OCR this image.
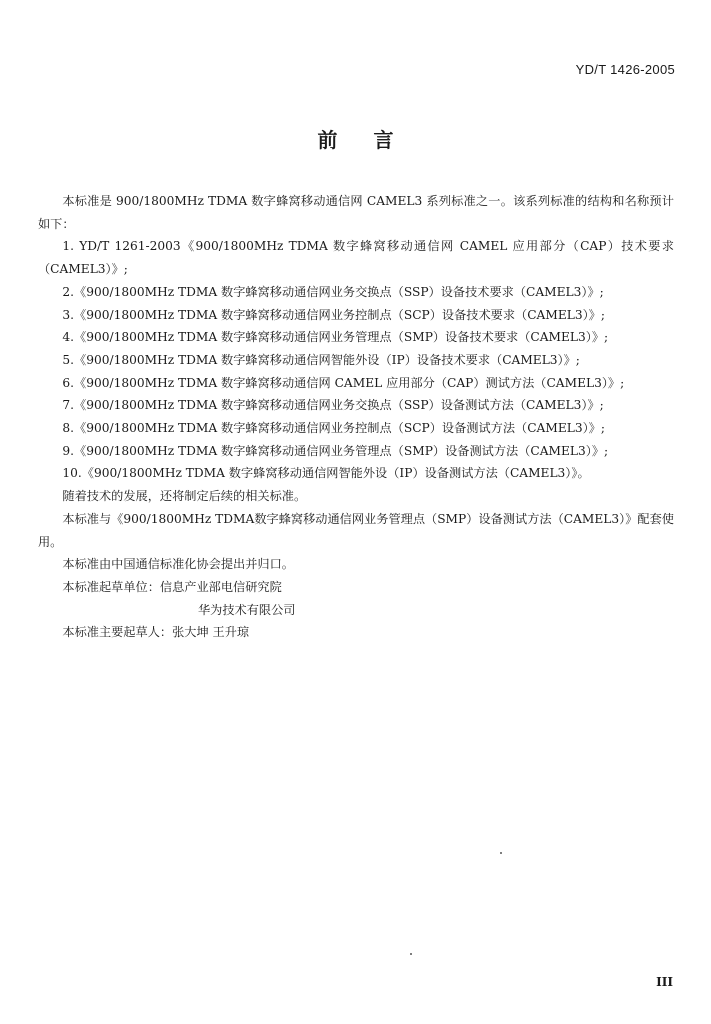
YD/T 1426-2005
前言

本标准是 900/1800MHz TDMA 数字蜂窝移动通信网 CAMEL3 系列标准之一。该系列标准的结构和名称预计如下：

1. YD/T 1261-2003《900/1800MHz TDMA 数字蜂窝移动通信网 CAMEL 应用部分（CAP）技术要求（CAMEL3）》;

2.《900/1800MHz TDMA 数字蜂窝移动通信网业务交换点（SSP）设备技术要求（CAMEL3）》;

3.《900/1800MHz TDMA 数字蜂窝移动通信网业务控制点（SCP）设备技术要求（CAMEL3）》;

4.《900/1800MHz TDMA 数字蜂窝移动通信网业务管理点（SMP）设备技术要求（CAMEL3）》;

5.《900/1800MHz TDMA 数字蜂窝移动通信网智能外设（IP）设备技术要求（CAMEL3）》;

6.《900/1800MHz TDMA 数字蜂窝移动通信网 CAMEL 应用部分（CAP）测试方法（CAMEL3）》;

7.《900/1800MHz TDMA 数字蜂窝移动通信网业务交换点（SSP）设备测试方法（CAMEL3）》;

8.《900/1800MHz TDMA 数字蜂窝移动通信网业务控制点（SCP）设备测试方法（CAMEL3）》;

9.《900/1800MHz TDMA 数字蜂窝移动通信网业务管理点（SMP）设备测试方法（CAMEL3）》;

10.《900/1800MHz TDMA 数字蜂窝移动通信网智能外设（IP）设备测试方法（CAMEL3）》。

随着技术的发展，还将制定后续的相关标准。

本标准与《900/1800MHz TDMA数字蜂窝移动通信网业务管理点（SMP）设备测试方法（CAMEL3）》配套使用。

本标准由中国通信标准化协会提出并归口。

本标准起草单位：信息产业部电信研究院

华为技术有限公司

本标准主要起草人：张大坤 王升琼

III
